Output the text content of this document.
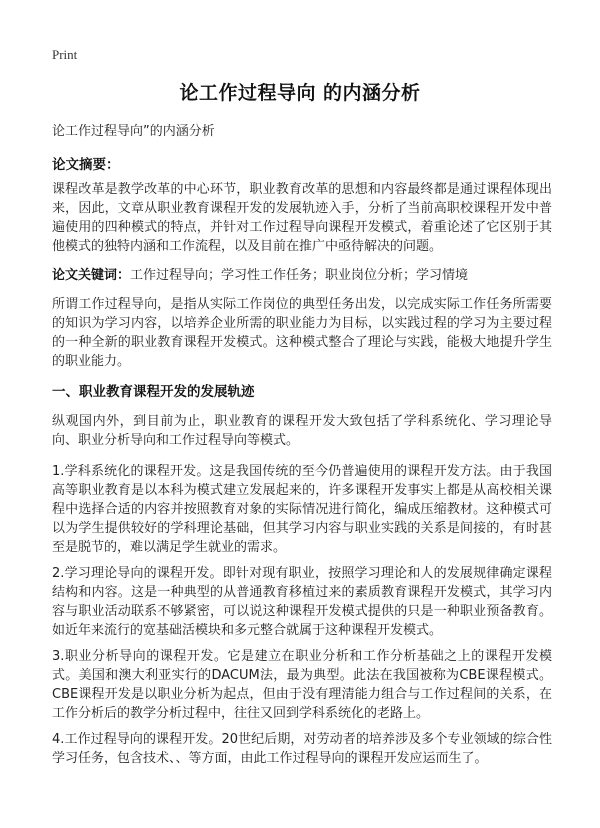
Print
论工作过程导向 的内涵分析
论工作过程导向”的内涵分析
论文摘要：

课程改革是教学改革的中心环节，职业教育改革的思想和内容最终都是通过课程体现出来，因此，文章从职业教育课程开发的发展轨迹入手，分析了当前高职校课程开发中普遍使用的四种模式的特点，并针对工作过程导向课程开发模式，着重论述了它区别于其他模式的独特内涵和工作流程，以及目前在推广中亟待解决的问题。

论文关键词：工作过程导向；学习性工作任务；职业岗位分析；学习情境

所谓工作过程导向，是指从实际工作岗位的典型任务出发，以完成实际工作任务所需要的知识为学习内容，以培养企业所需的职业能力为目标，以实践过程的学习为主要过程的一种全新的职业教育课程开发模式。这种模式整合了理论与实践，能极大地提升学生的职业能力。

一、职业教育课程开发的发展轨迹

纵观国内外，到目前为止，职业教育的课程开发大致包括了学科系统化、学习理论导向、职业分析导向和工作过程导向等模式。

1.学科系统化的课程开发。这是我国传统的至今仍普遍使用的课程开发方法。由于我国高等职业教育是以本科为模式建立发展起来的，许多课程开发事实上都是从高校相关课程中选择合适的内容并按照教育对象的实际情况进行简化，编成压缩教材。这种模式可以为学生提供较好的学科理论基础，但其学习内容与职业实践的关系是间接的，有时甚至是脱节的，难以满足学生就业的需求。

2.学习理论导向的课程开发。即针对现有职业，按照学习理论和人的发展规律确定课程结构和内容。这是一种典型的从普通教育移植过来的素质教育课程开发模式，其学习内容与职业活动联系不够紧密，可以说这种课程开发模式提供的只是一种职业预备教育。如近年来流行的宽基础活模块和多元整合就属于这种课程开发模式。

3.职业分析导向的课程开发。它是建立在职业分析和工作分析基础之上的课程开发模式。美国和澳大利亚实行的DACUM法，最为典型。此法在我国被称为CBE课程模式。CBE课程开发是以职业分析为起点，但由于没有理清能力组合与工作过程间的关系，在工作分析后的教学分析过程中，往往又回到学科系统化的老路上。

4.工作过程导向的课程开发。20世纪后期，对劳动者的培养涉及多个专业领域的综合性学习任务，包含技术、、等方面，由此工作过程导向的课程开发应运而生了。
